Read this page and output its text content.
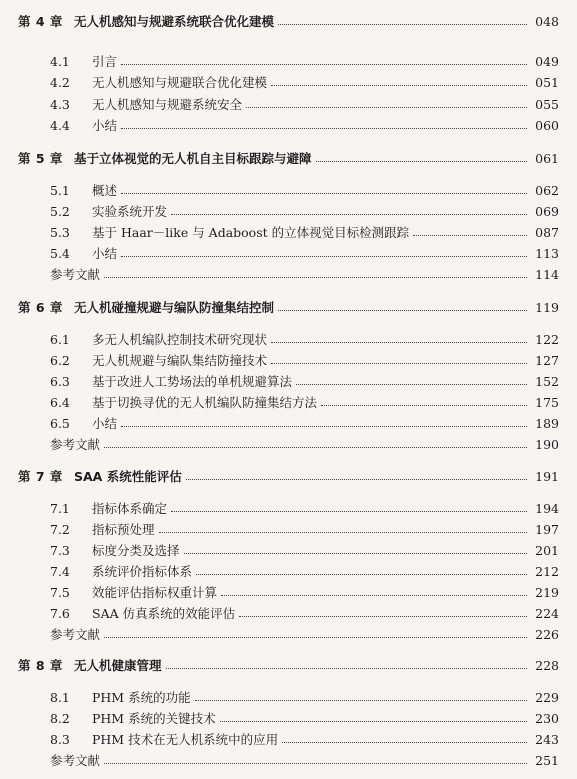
第 4 章 无人机感知与规避系统联合优化建模	048
4.1	引言	049
4.2	无人机感知与规避联合优化建模	051
4.3	无人机感知与规避系统安全	055
4.4	小结	060
第 5 章 基于立体视觉的无人机自主目标跟踪与避障	061
5.1	概述	062
5.2	实验系统开发	069
5.3	基于 Haar－like 与 Adaboost 的立体视觉目标检测跟踪	087
5.4	小结	113
参考文献	114
第 6 章 无人机碰撞规避与编队防撞集结控制	119
6.1	多无人机编队控制技术研究现状	122
6.2	无人机规避与编队集结防撞技术	127
6.3	基于改进人工势场法的单机规避算法	152
6.4	基于切换寻优的无人机编队防撞集结方法	175
6.5	小结	189
参考文献	190
第 7 章 SAA 系统性能评估	191
7.1	指标体系确定	194
7.2	指标预处理	197
7.3	标度分类及选择	201
7.4	系统评价指标体系	212
7.5	效能评估指标权重计算	219
7.6	SAA 仿真系统的效能评估	224
参考文献	226
第 8 章 无人机健康管理	228
8.1	PHM 系统的功能	229
8.2	PHM 系统的关键技术	230
8.3	PHM 技术在无人机系统中的应用	243
参考文献	251
